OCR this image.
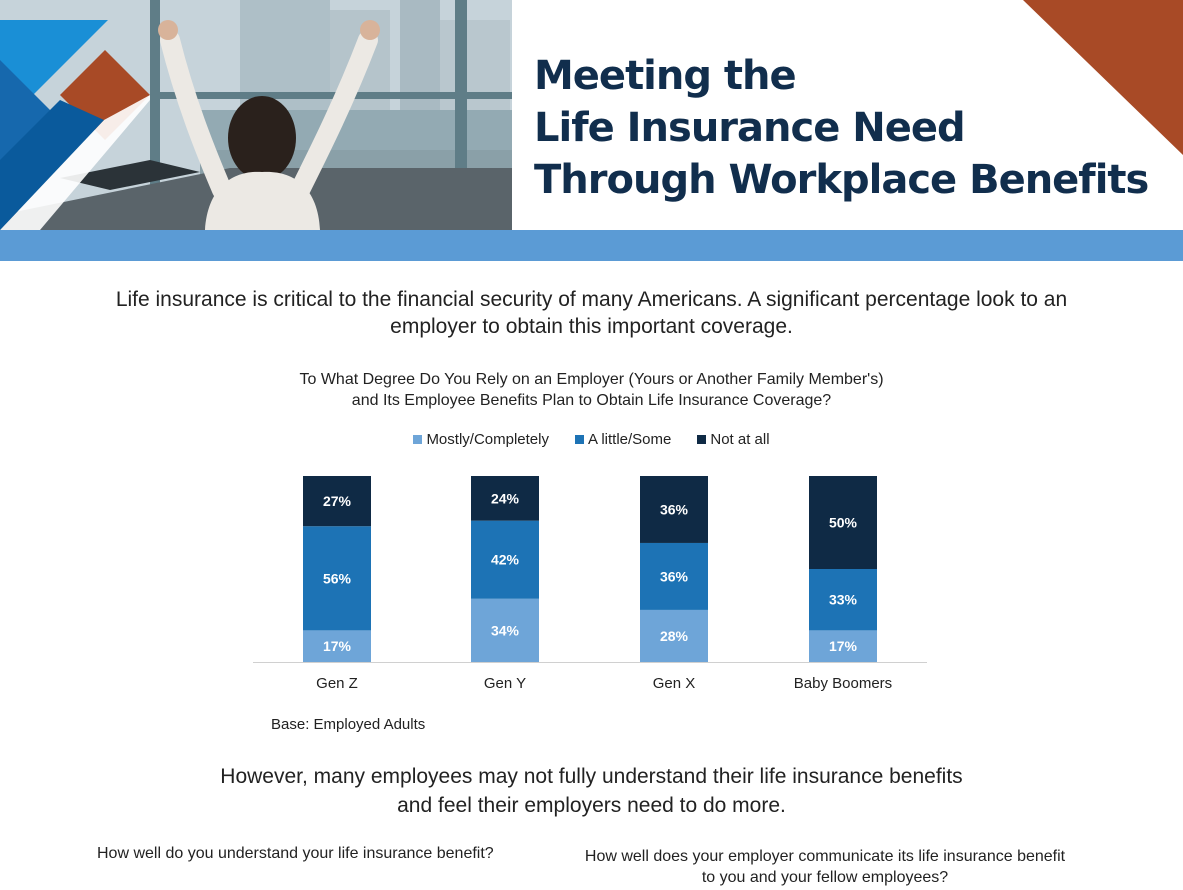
Meeting the
Life Insurance Need
Through Workplace Benefits

Life insurance is critical to the financial security of many Americans. A significant percentage look to an employer to obtain this important coverage.

To What Degree Do You Rely on an Employer (Yours or Another Family Member's)
and Its Employee Benefits Plan to Obtain Life Insurance Coverage?
Mostly/Completely	A little/Some	Not at all
17%
56%
27%
Gen Z
34%
42%
24%
Gen Y
28%
36%
36%
Gen X
17%
33%
50%
Baby Boomers
Base: Employed Adults
However, many employees may not fully understand their life insurance benefits
and feel their employers need to do more.
How well do you understand your life insurance benefit?	How well does your employer communicate its life insurance benefit
to you and your fellow employees?
